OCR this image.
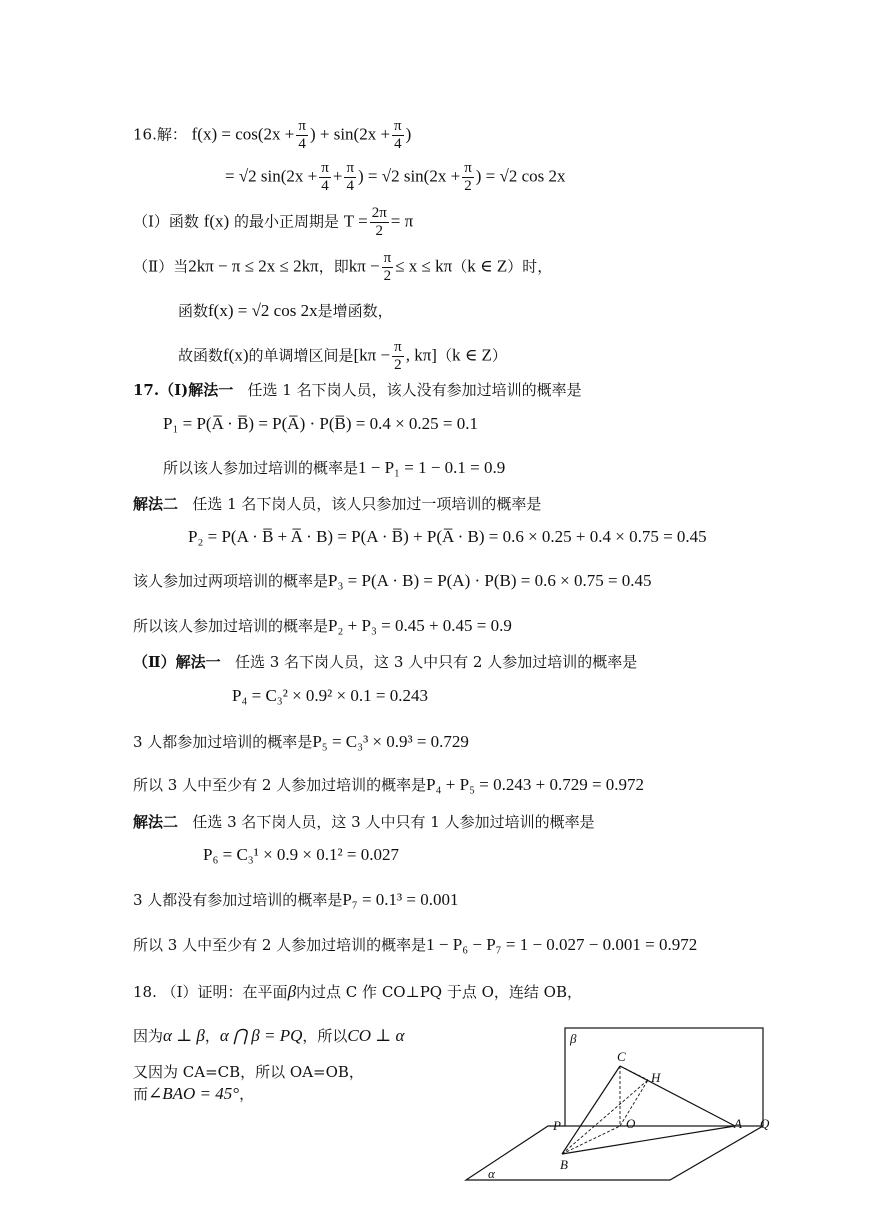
16.解： $f(x) = \cos(2x + \frac{\pi}{4}$ ) + $\sin(2x + \frac{\pi}{4}$ )
= √2 $\sin(2x + \frac{\pi}{4} + \frac{\pi}{4}$ ) = √2 $\sin(2x + \frac{\pi}{2}$ ) = √2 cos 2x
（Ⅰ）函数 f(x) 的最小正周期是 $T = \frac{2\pi}{2} = \pi$
（Ⅱ）当2kπ − π ≤ 2x ≤ 2kπ，即$k\pi - \frac{\pi}{2} \le x \le k\pi(k$ ∈ Z）时，
函数f(x) = √2 cos 2x是增函数，
故函数f(x)的单调增区间是[$k\pi - \frac{\pi}{2}$ , kπ]（k ∈ Z）
17.（Ⅰ)解法一 任选 1 名下岗人员，该人没有参加过培训的概率是
P₁ = P(A̅ · B̅) = P(A̅) · P(B̅) = 0.4 × 0.25 = 0.1
所以该人参加过培训的概率是1 − P₁ = 1 − 0.1 = 0.9
解法二 任选 1 名下岗人员，该人只参加过一项培训的概率是
P₂ = P(A · B̅ + A̅ · B) = P(A · B̅) + P(A̅ · B) = 0.6 × 0.25 + 0.4 × 0.75 = 0.45
该人参加过两项培训的概率是P₃ = P(A · B) = P(A) · P(B) = 0.6 × 0.75 = 0.45
所以该人参加过培训的概率是P₂ + P₃ = 0.45 + 0.45 = 0.9
（Ⅱ）解法一 任选 3 名下岗人员，这 3 人中只有 2 人参加过培训的概率是
P₄ = C₃² × 0.9² × 0.1 = 0.243
3 人都参加过培训的概率是P₅ = C₃³ × 0.9³ = 0.729
所以 3 人中至少有 2 人参加过培训的概率是P₄ + P₅ = 0.243 + 0.729 = 0.972
解法二 任选 3 名下岗人员，这 3 人中只有 1 人参加过培训的概率是
P₆ = C₃¹ × 0.9 × 0.1² = 0.027
3 人都没有参加过培训的概率是P₇ = 0.1³ = 0.001
所以 3 人中至少有 2 人参加过培训的概率是1 − P₆ − P₇ = 1 − 0.027 − 0.001 = 0.972
18. （Ⅰ）证明：在平面β内过点 C 作 CO⊥PQ 于点 O，连结 OB，
因为α ⊥ β，α ⋂ β = PQ，所以CO ⊥ α
又因为 CA=CB，所以 OA=OB，
而∠BAO = 45°，
β
C
H
O
P	A Q
B
α
